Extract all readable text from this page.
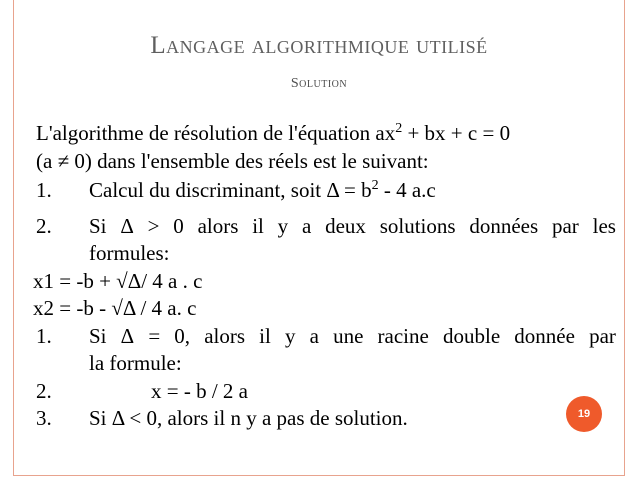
Langage algorithmique utilisé
Solution
L'algorithme de résolution de l'équation $ax^2$ + bx + c = 0
(a ≠ 0) dans l'ensemble des réels est le suivant:
1. Calcul du discriminant, soit $\Delta = b^2 - 4$ a.c
2.	Si Δ > 0 alors il y a deux solutions données par les
formules:
x1 = -b + √Δ/ 4 a . c
x2 = -b - √Δ / 4 a. c
1.	Si Δ = 0, alors il y a une racine double donnée par
la formule:
2.	x = - b / 2 a
3. Si Δ < 0, alors il n y a pas de solution.	19
